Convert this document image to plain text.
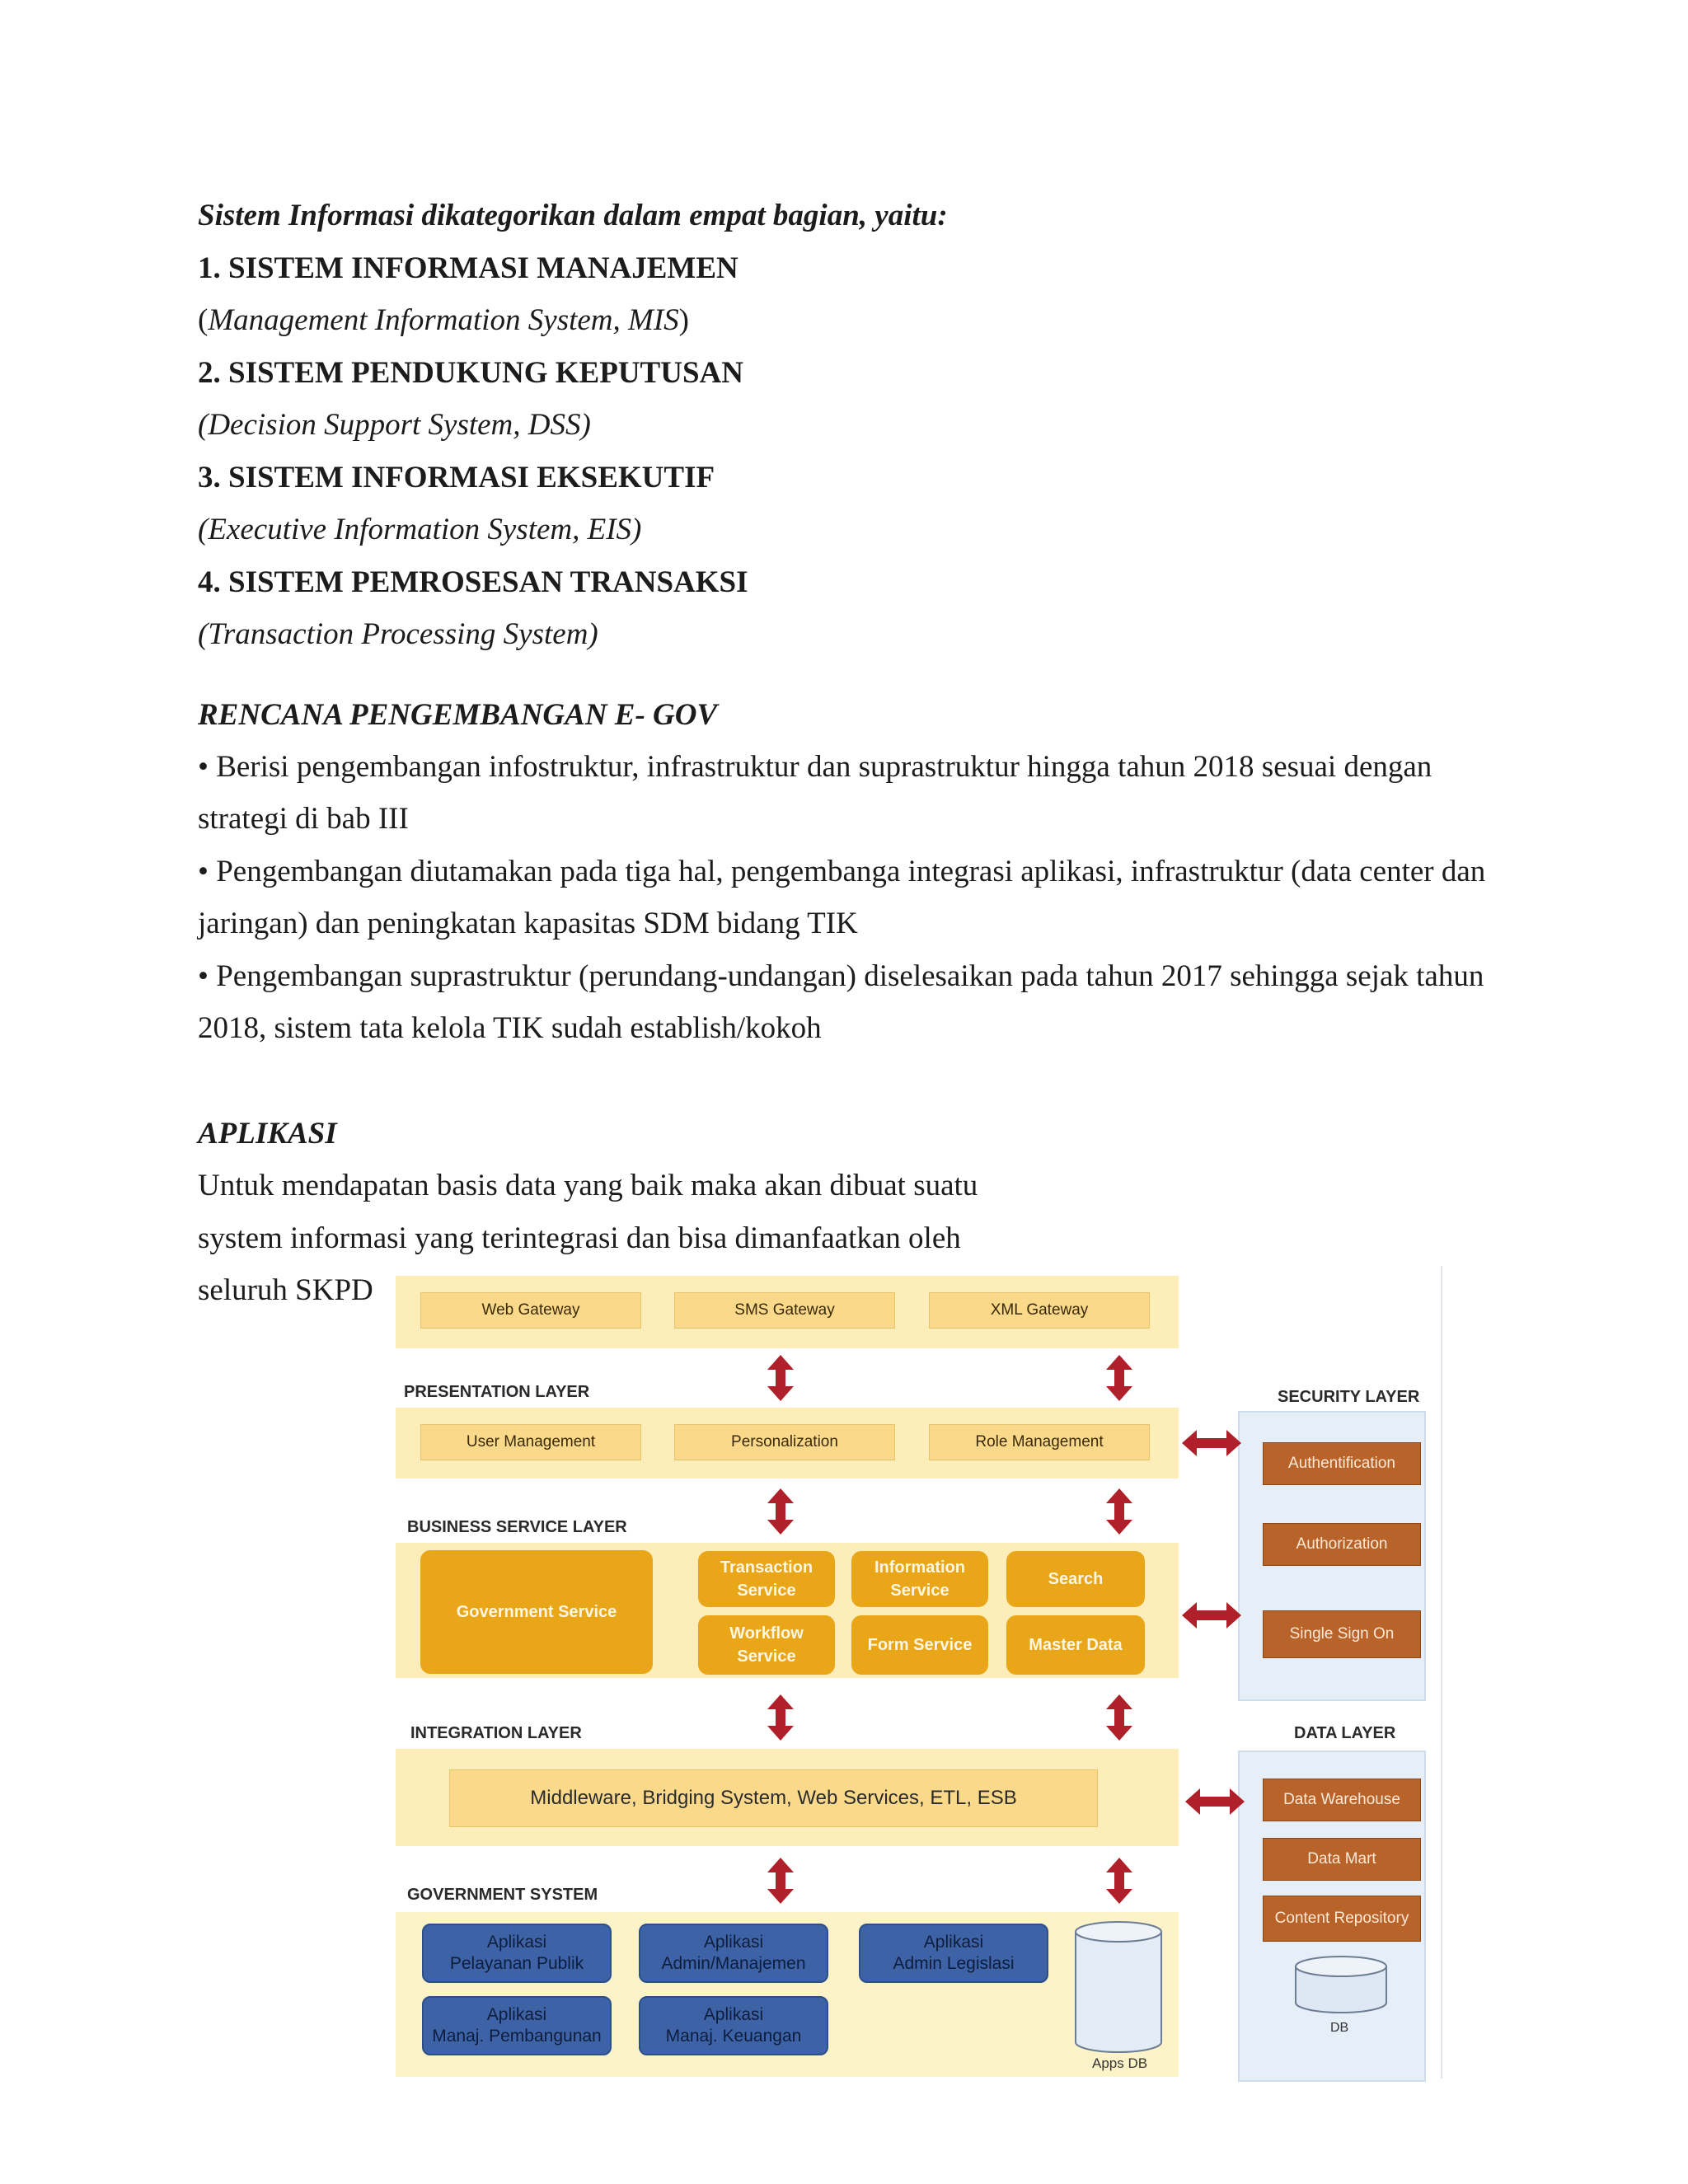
Sistem Informasi dikategorikan dalam empat bagian, yaitu:
1. SISTEM INFORMASI MANAJEMEN
(Management Information System, MIS)
2. SISTEM PENDUKUNG KEPUTUSAN
(Decision Support System, DSS)
3. SISTEM INFORMASI EKSEKUTIF
(Executive Information System, EIS)
4. SISTEM PEMROSESAN TRANSAKSI
(Transaction Processing System)
RENCANA PENGEMBANGAN E- GOV
• Berisi pengembangan infostruktur, infrastruktur dan suprastruktur hingga tahun 2018 sesuai dengan
strategi di bab III
• Pengembangan diutamakan pada tiga hal, pengembanga integrasi aplikasi, infrastruktur (data center dan
jaringan) dan peningkatan kapasitas SDM bidang TIK
• Pengembangan suprastruktur (perundang-undangan) diselesaikan pada tahun 2017 sehingga sejak tahun
2018, sistem tata kelola TIK sudah establish/kokoh
APLIKASI
Untuk mendapatan basis data yang baik maka akan dibuat suatu
system informasi yang terintegrasi dan bisa dimanfaatkan oleh
seluruh SKPD
Web Gateway	SMS Gateway	XML Gateway
PRESENTATION LAYER
User Management	Personalization	Role Management
BUSINESS SERVICE LAYER
Government Service
Transaction
Service
Information
Service
Search
Workflow
Service
Form Service	Master Data
INTEGRATION LAYER
Middleware, Bridging System, Web Services, ETL, ESB
GOVERNMENT SYSTEM
Aplikasi
Pelayanan Publik
Aplikasi
Admin/Manajemen
Aplikasi
Admin Legislasi
Aplikasi
Manaj. Pembangunan
Aplikasi
Manaj. Keuangan
Apps DB
SECURITY LAYER
Authentification
Authorization
Single Sign On
DATA LAYER
Data Warehouse
Data Mart
Content Repository
DB
